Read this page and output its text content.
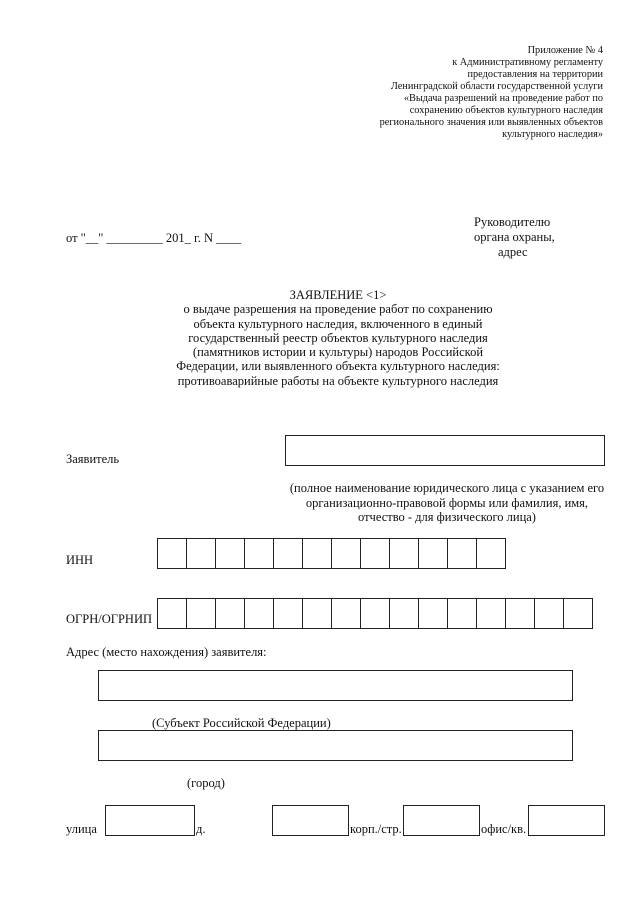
Приложение № 4
к Административному регламенту
предоставления на территории
Ленинградской области государственной услуги
«Выдача разрешений на проведение работ по
сохранению объектов культурного наследия
регионального значения или выявленных объектов
культурного наследия»
Руководителю
органа охраны,
адрес
от "__" _________ 201_ г. N ____
ЗАЯВЛЕНИЕ <1>
о выдаче разрешения на проведение работ по сохранению
объекта культурного наследия, включенного в единый
государственный реестр объектов культурного наследия
(памятников истории и культуры) народов Российской
Федерации, или выявленного объекта культурного наследия:
противоаварийные работы на объекте культурного наследия
Заявитель
(полное наименование юридического лица с указанием его
организационно-правовой формы или фамилия, имя,
отчество - для физического лица)
ИНН
ОГРН/ОГРНИП
Адрес (место нахождения) заявителя:
(Субъект Российской Федерации)
(город)
улица	д.	корп./стр.	офис/кв.
